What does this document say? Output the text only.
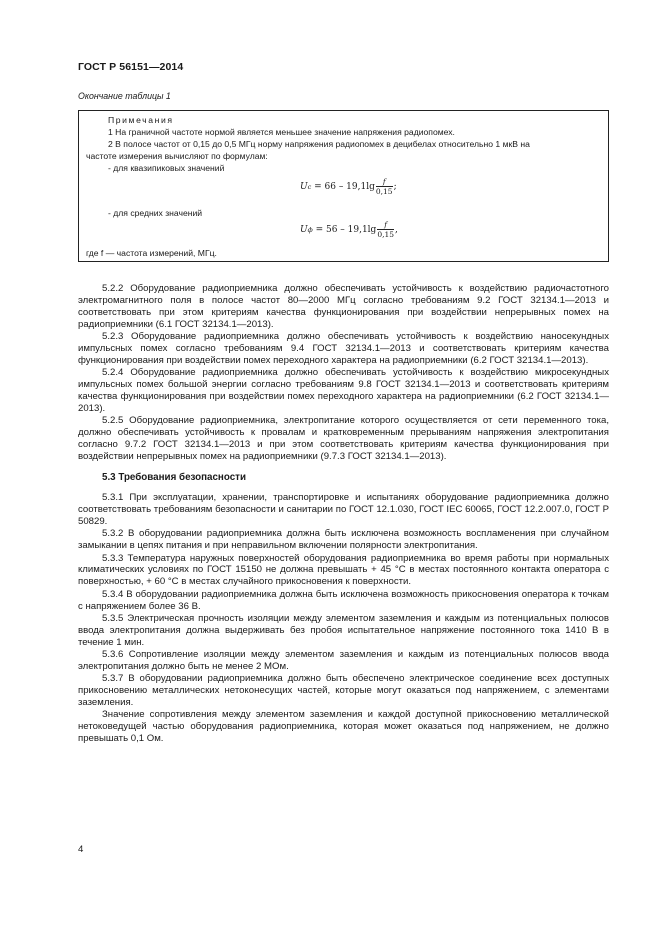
ГОСТ Р 56151—2014
Окончание таблицы 1
Примечания
1 На граничной частоте нормой является меньшее значение напряжения радиопомех.
2 В полосе частот от 0,15 до 0,5 МГц норму напряжения радиопомех в децибелах относительно 1 мкВ на
частоте измерения вычисляют по формулам:
- для квазипиковых значений
Uс = $66 - 19,1\lg \frac{f}{0,15}$ ;
- для средних значений
Uф = $56 - 19,1\lg \frac{f}{0,15}$ ,
где f — частота измерений, МГц.

5.2.2 Оборудование радиоприемника должно обеспечивать устойчивость к воздействию радиочастотного электромагнитного поля в полосе частот 80—2000 МГц согласно требованиям 9.2 ГОСТ 32134.1—2013 и соответствовать при этом критериям качества функционирования при воздействии непрерывных помех на радиоприемники (6.1 ГОСТ 32134.1—2013).

5.2.3 Оборудование радиоприемника должно обеспечивать устойчивость к воздействию наносекундных импульсных помех согласно требованиям 9.4 ГОСТ 32134.1—2013 и соответствовать критериям качества функционирования при воздействии помех переходного характера на радиоприемники (6.2 ГОСТ 32134.1—2013).

5.2.4 Оборудование радиоприемника должно обеспечивать устойчивость к воздействию микросекундных импульсных помех большой энергии согласно требованиям 9.8 ГОСТ 32134.1—2013 и соответствовать критериям качества функционирования при воздействии помех переходного характера на радиоприемники (6.2 ГОСТ 32134.1—2013).

5.2.5 Оборудование радиоприемника, электропитание которого осуществляется от сети переменного тока, должно обеспечивать устойчивость к провалам и кратковременным прерываниям напряжения электропитания согласно 9.7.2 ГОСТ 32134.1—2013 и при этом соответствовать критериям качества функционирования при воздействии непрерывных помех на радиоприемники (9.7.3 ГОСТ 32134.1—2013).

5.3 Требования безопасности

5.3.1 При эксплуатации, хранении, транспортировке и испытаниях оборудование радиоприемника должно соответствовать требованиям безопасности и санитарии по ГОСТ 12.1.030, ГОСТ IEC 60065, ГОСТ 12.2.007.0, ГОСТ Р 50829.

5.3.2 В оборудовании радиоприемника должна быть исключена возможность воспламенения при случайном замыкании в цепях питания и при неправильном включении полярности электропитания.

5.3.3 Температура наружных поверхностей оборудования радиоприемника во время работы при нормальных климатических условиях по ГОСТ 15150 не должна превышать + 45 °С в местах постоянного контакта оператора с поверхностью, + 60 °С в местах случайного прикосновения к поверхности.

5.3.4 В оборудовании радиоприемника должна быть исключена возможность прикосновения оператора к точкам с напряжением более 36 В.

5.3.5 Электрическая прочность изоляции между элементом заземления и каждым из потенциальных полюсов ввода электропитания должна выдерживать без пробоя испытательное напряжение постоянного тока 1410 В в течение 1 мин.

5.3.6 Сопротивление изоляции между элементом заземления и каждым из потенциальных полюсов ввода электропитания должно быть не менее 2 МОм.

5.3.7 В оборудовании радиоприемника должно быть обеспечено электрическое соединение всех доступных прикосновению металлических нетоконесущих частей, которые могут оказаться под напряжением, с элементами заземления.

Значение сопротивления между элементом заземления и каждой доступной прикосновению металлической нетоковедущей частью оборудования радиоприемника, которая может оказаться под напряжением, не должно превышать 0,1 Ом.

4
